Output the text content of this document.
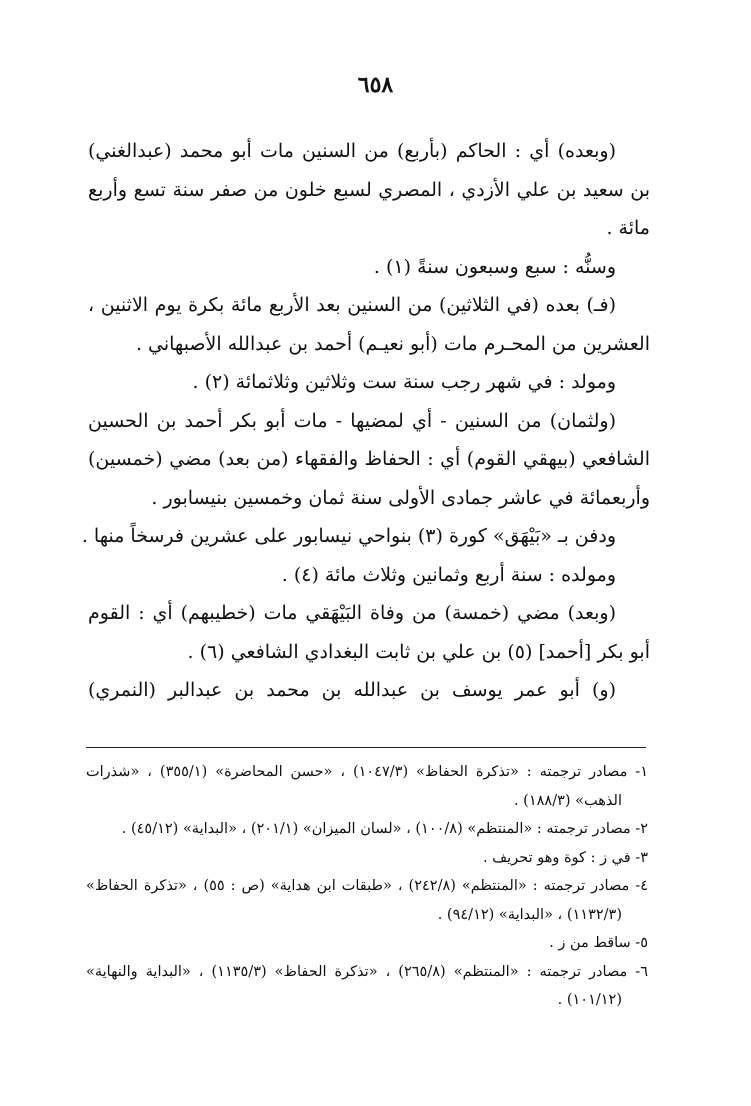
٦٥٨
(وبعده) أي : الحاكم (بأربع) من السنين مات أبو محمد (عبدالغني)
بن سعيد بن علي الأزدي ، المصري لسبع خلون من صفر سنة تسع وأربع
مائة .
وسنُّه : سبع وسبعون سنةً (١) .
(فـ) بعده (في الثلاثين) من السنين بعد الأربع مائة بكرة يوم الاثنين ،
العشرين من المحـرم مات (أبو نعيـم) أحمد بن عبدالله الأصبهاني .
ومولد : في شهر رجب سنة ست وثلاثين وثلاثمائة (٢) .
(ولثمان) من السنين - أي لمضيها - مات أبو بكر أحمد بن الحسين
الشافعي (بيهقي القوم) أي : الحفاظ والفقهاء (من بعد) مضي (خمسين)
وأربعمائة في عاشر جمادى الأولى سنة ثمان وخمسين بنيسابور .
ودفن بـ «بَيْهَق» كورة (٣) بنواحي نيسابور على عشرين فرسخاً منها .
ومولده : سنة أربع وثمانين وثلاث مائة (٤) .
(وبعد) مضي (خمسة) من وفاة البَيْهَقي مات (خطيبهم) أي : القوم
أبو بكر [أحمد] (٥) بن علي بن ثابت البغدادي الشافعي (٦) .
(و) أبو عمر يوسف بن عبدالله بن محمد بن عبدالبر (النمري)
١- مصادر ترجمته : «تذكرة الحفاظ» (١٠٤٧/٣) ، «حسن المحاضرة» (٣٥٥/١) ، «شذرات
الذهب» (١٨٨/٣) .
٢- مصادر ترجمته : «المنتظم» (١٠٠/٨) ، «لسان الميزان» (٢٠١/١) ، «البداية» (٤٥/١٢) .
٣- في ز : كوة وهو تحريف .
٤- مصادر ترجمته : «المنتظم» (٢٤٢/٨) ، «طبقات ابن هداية» (ص : ٥٥) ، «تذكرة الحفاظ»
(١١٣٢/٣) ، «البداية» (٩٤/١٢) .
٥- ساقط من ز .
٦- مصادر ترجمته : «المنتظم» (٢٦٥/٨) ، «تذكرة الحفاظ» (١١٣٥/٣) ، «البداية والنهاية»
(١٠١/١٢) .
